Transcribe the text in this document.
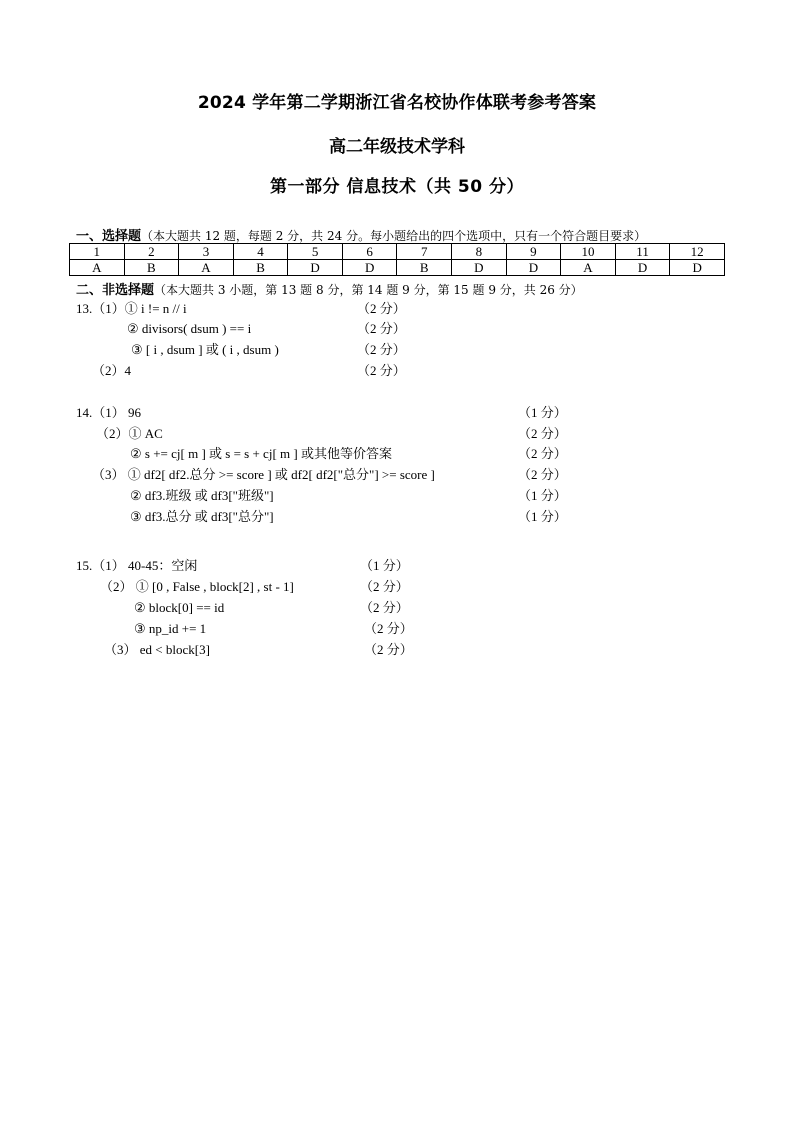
2024 学年第二学期浙江省名校协作体联考参考答案
高二年级技术学科
第一部分 信息技术（共 50 分）
一、选择题（本大题共 12 题，每题 2 分，共 24 分。每小题给出的四个选项中，只有一个符合题目要求）
1	2	3	4	5	6	7	8	9	10	11	12
A	B	A	B	D	D	B	D	D	A	D	D
二、非选择题（本大题共 3 小题，第 13 题 8 分，第 14 题 9 分，第 15 题 9 分，共 26 分）
13.（1）① i != n // i	（2 分）
② divisors( dsum ) == i	（2 分）
③ [ i , dsum ] 或 ( i , dsum )	（2 分）
（2）4	（2 分）
14.（1） 96	（1 分）
（2）① AC	（2 分）
② s += cj[ m ] 或 s = s + cj[ m ] 或其他等价答案	（2 分）
（3） ① df2[ df2.总分 >= score ] 或 df2[ df2["总分"] >= score ]	（2 分）
② df3.班级 或 df3["班级"]	（1 分）
③ df3.总分 或 df3["总分"]	（1 分）
15.（1） 40-45：空闲	（1 分）
（2） ① [0 , False , block[2] , st - 1]	（2 分）
② block[0] == id	（2 分）
③ np_id += 1	（2 分）
（3） ed < block[3]	（2 分）
